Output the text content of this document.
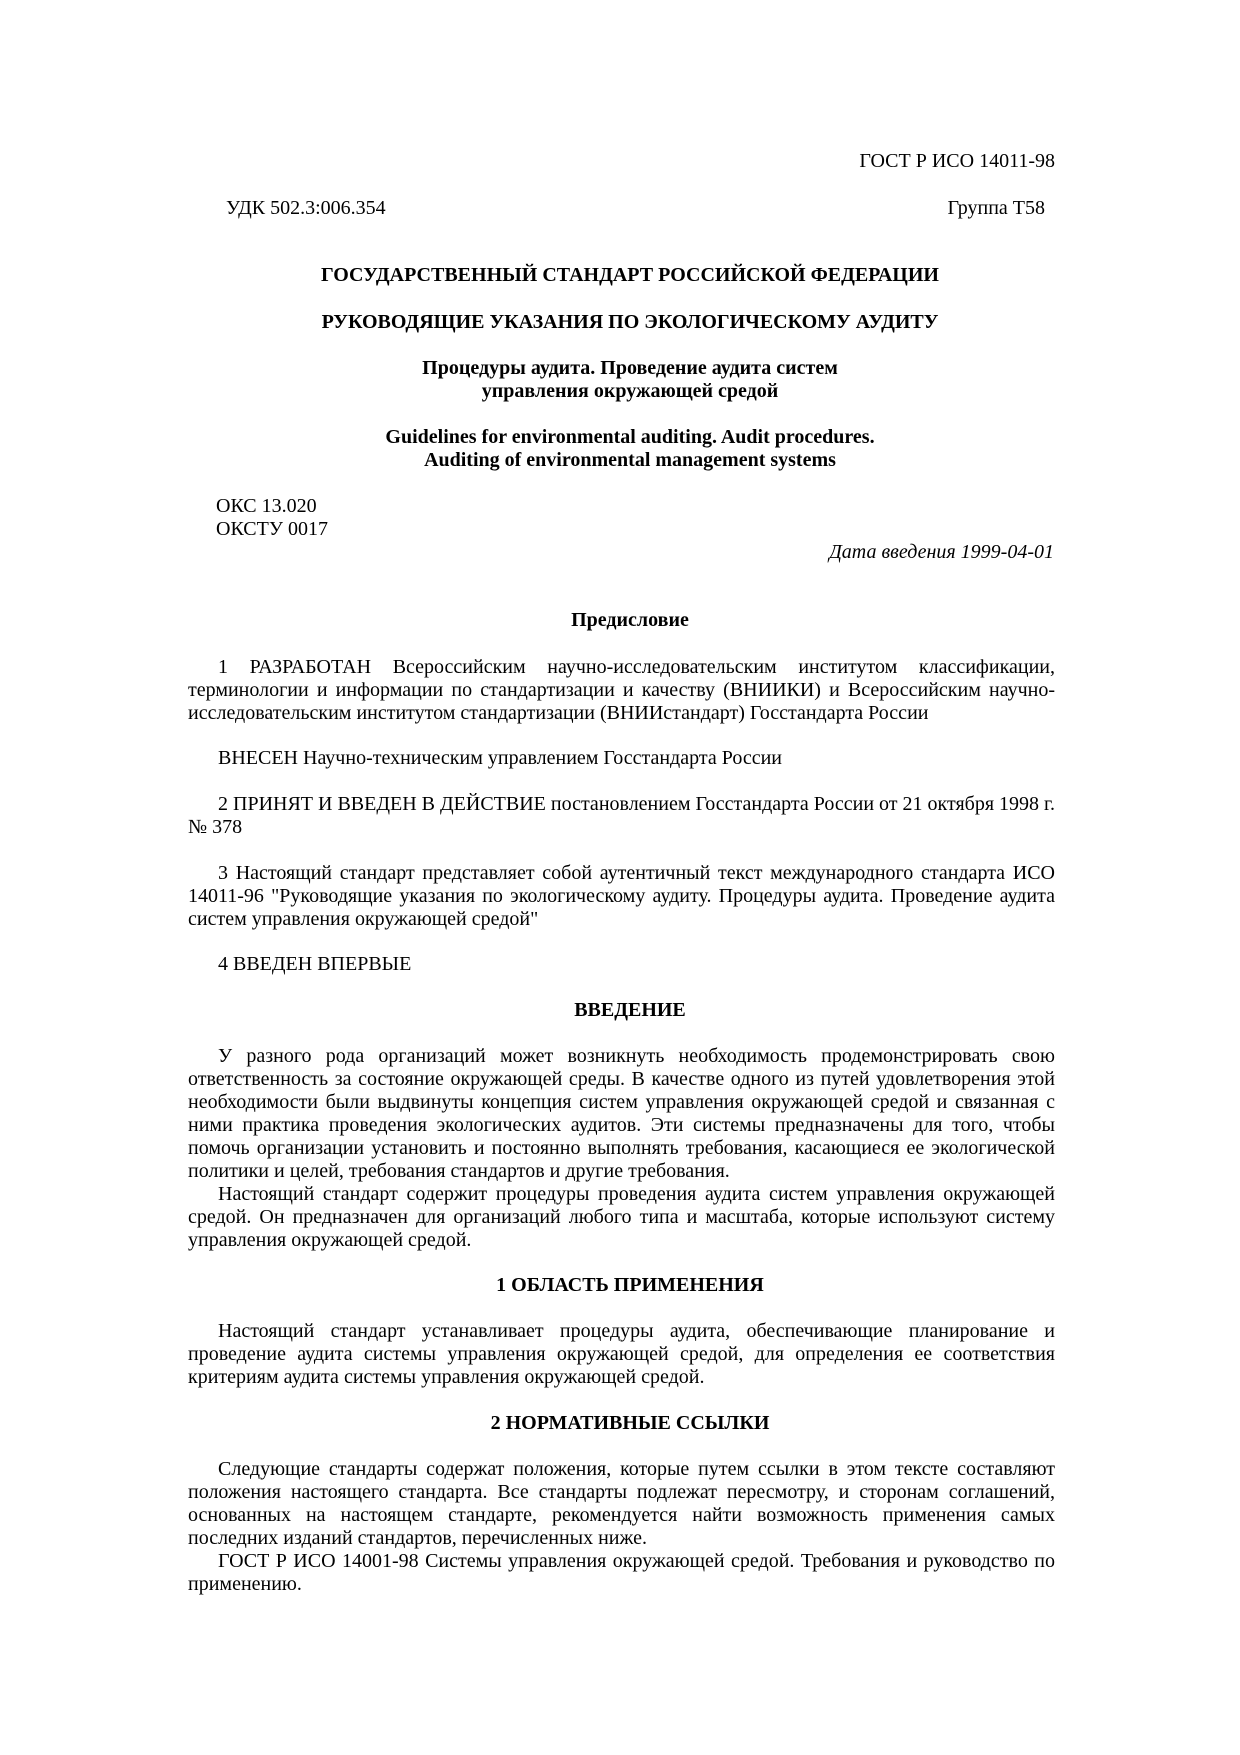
ГОСТ Р ИСО 14011-98
УДК 502.3:006.354	Группа Т58
ГОСУДАРСТВЕННЫЙ СТАНДАРТ РОССИЙСКОЙ ФЕДЕРАЦИИ
РУКОВОДЯЩИЕ УКАЗАНИЯ ПО ЭКОЛОГИЧЕСКОМУ АУДИТУ
Процедуры аудита. Проведение аудита систем
управления окружающей средой
Guidelines for environmental auditing. Audit procedures.
Auditing of environmental management systems
ОКС 13.020
ОКСТУ 0017
Дата введения 1999-04-01
Предисловие

1 РАЗРАБОТАН Всероссийским научно-исследовательским институтом классификации, терминологии и информации по стандартизации и качеству (ВНИИКИ) и Всероссийским научно-исследовательским институтом стандартизации (ВНИИстандарт) Госстандарта России

ВНЕСЕН Научно-техническим управлением Госстандарта России

2 ПРИНЯТ И ВВЕДЕН В ДЕЙСТВИЕ постановлением Госстандарта России от 21 октября 1998 г. № 378

3 Настоящий стандарт представляет собой аутентичный текст международного стандарта ИСО 14011-96 "Руководящие указания по экологическому аудиту. Процедуры аудита. Проведение аудита систем управления окружающей средой"

4 ВВЕДЕН ВПЕРВЫЕ

ВВЕДЕНИЕ

У разного рода организаций может возникнуть необходимость продемонстрировать свою ответственность за состояние окружающей среды. В качестве одного из путей удовлетворения этой необходимости были выдвинуты концепция систем управления окружающей средой и связанная с ними практика проведения экологических аудитов. Эти системы предназначены для того, чтобы помочь организации установить и постоянно выполнять требования, касающиеся ее экологической политики и целей, требования стандартов и другие требования.

Настоящий стандарт содержит процедуры проведения аудита систем управления окружающей средой. Он предназначен для организаций любого типа и масштаба, которые используют систему управления окружающей средой.

1 ОБЛАСТЬ ПРИМЕНЕНИЯ

Настоящий стандарт устанавливает процедуры аудита, обеспечивающие планирование и проведение аудита системы управления окружающей средой, для определения ее соответствия критериям аудита системы управления окружающей средой.

2 НОРМАТИВНЫЕ ССЫЛКИ

Следующие стандарты содержат положения, которые путем ссылки в этом тексте составляют положения настоящего стандарта. Все стандарты подлежат пересмотру, и сторонам соглашений, основанных на настоящем стандарте, рекомендуется найти возможность применения самых последних изданий стандартов, перечисленных ниже.

ГОСТ Р ИСО 14001-98 Системы управления окружающей средой. Требования и руководство по применению.
